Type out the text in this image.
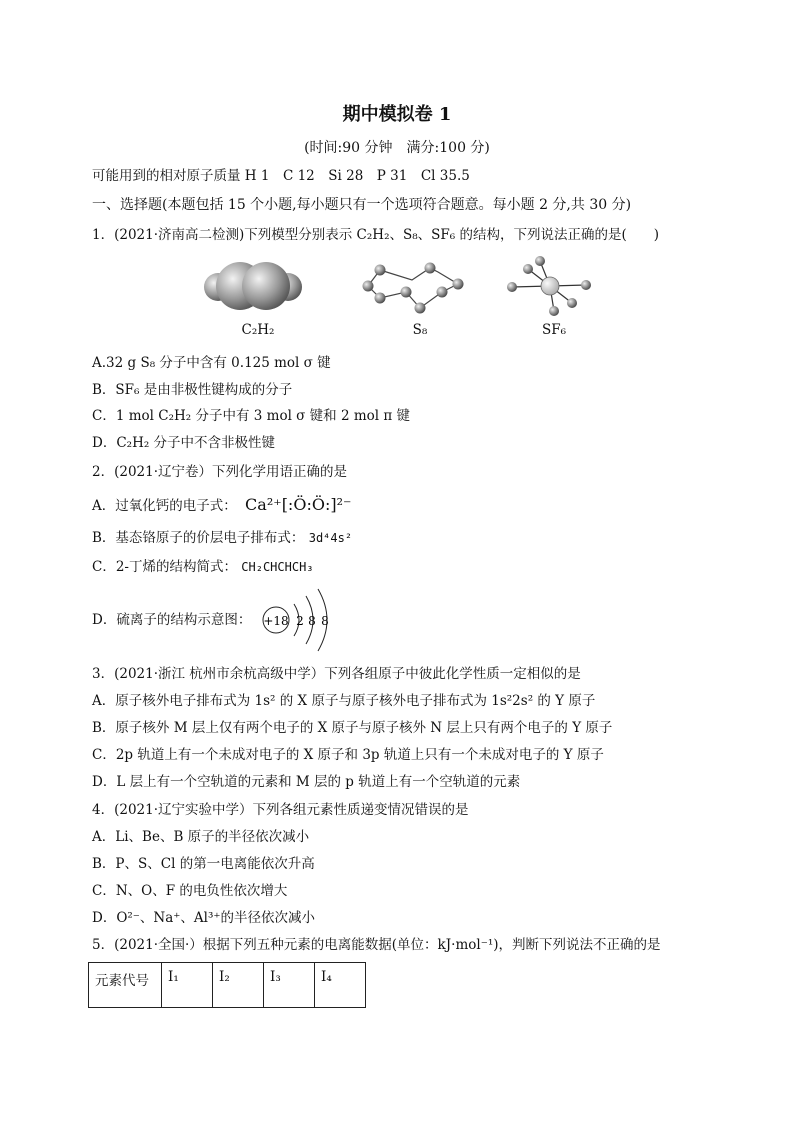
期中模拟卷 1
(时间:90 分钟　满分:100 分)
可能用到的相对原子质量 H 1　C 12　Si 28　P 31　Cl 35.5
一、选择题(本题包括 15 个小题,每小题只有一个选项符合题意。每小题 2 分,共 30 分)
1．(2021·济南高二检测)下列模型分别表示 C₂H₂、S₈、SF₆ 的结构，下列说法正确的是(　　)
C₂H₂	S₈	SF₆
A.32 g S₈ 分子中含有 0.125 mol σ 键
B．SF₆ 是由非极性键构成的分子
C．1 mol C₂H₂ 分子中有 3 mol σ 键和 2 mol π 键
D．C₂H₂ 分子中不含非极性键
2．(2021·辽宁卷）下列化学用语正确的是
A．过氧化钙的电子式： Ca²⁺[:Ö:Ö:]²⁻
B．基态铬原子的价层电子排布式： 3d⁴4s²
C．2-丁烯的结构简式： CH₂CHCHCH₃
D．硫离子的结构示意图： +18 2 8 8
3．(2021·浙江 杭州市余杭高级中学）下列各组原子中彼此化学性质一定相似的是
A．原子核外电子排布式为 1s² 的 X 原子与原子核外电子排布式为 1s²2s² 的 Y 原子
B．原子核外 M 层上仅有两个电子的 X 原子与原子核外 N 层上只有两个电子的 Y 原子
C．2p 轨道上有一个未成对电子的 X 原子和 3p 轨道上只有一个未成对电子的 Y 原子
D．L 层上有一个空轨道的元素和 M 层的 p 轨道上有一个空轨道的元素
4．(2021·辽宁实验中学）下列各组元素性质递变情况错误的是
A．Li、Be、B 原子的半径依次减小
B．P、S、Cl 的第一电离能依次升高
C．N、O、F 的电负性依次增大
D．O²⁻、Na⁺、Al³⁺的半径依次减小
5．(2021·全国·）根据下列五种元素的电离能数据(单位：kJ·mol⁻¹)，判断下列说法不正确的是
元素代号	I₁	I₂	I₃	I₄
